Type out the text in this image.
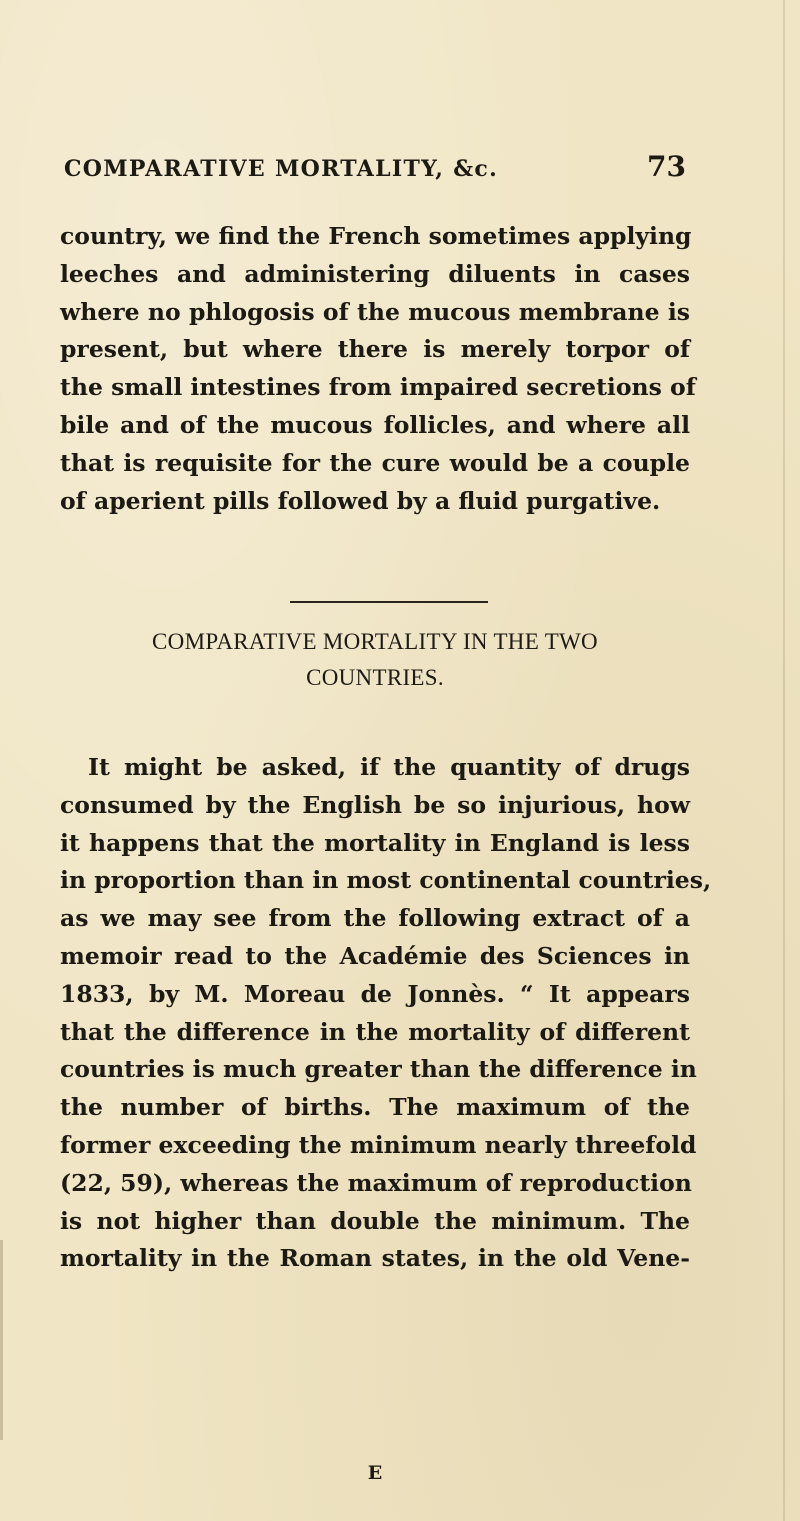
COMPARATIVE MORTALITY, &c.	73
country, we find the French sometimes applying
leeches and administering diluents in cases
where no phlogosis of the mucous membrane is
present, but where there is merely torpor of
the small intestines from impaired secretions of
bile and of the mucous follicles, and where all
that is requisite for the cure would be a couple
of aperient pills followed by a fluid purgative.
COMPARATIVE MORTALITY IN THE TWO
COUNTRIES.
It might be asked, if the quantity of drugs
consumed by the English be so injurious, how
it happens that the mortality in England is less
in proportion than in most continental countries,
as we may see from the following extract of a
memoir read to the Académie des Sciences in
1833, by M. Moreau de Jonnès. “ It appears
that the difference in the mortality of different
countries is much greater than the difference in
the number of births. The maximum of the
former exceeding the minimum nearly threefold
(22, 59), whereas the maximum of reproduction
is not higher than double the minimum. The
mortality in the Roman states, in the old Vene-
E
